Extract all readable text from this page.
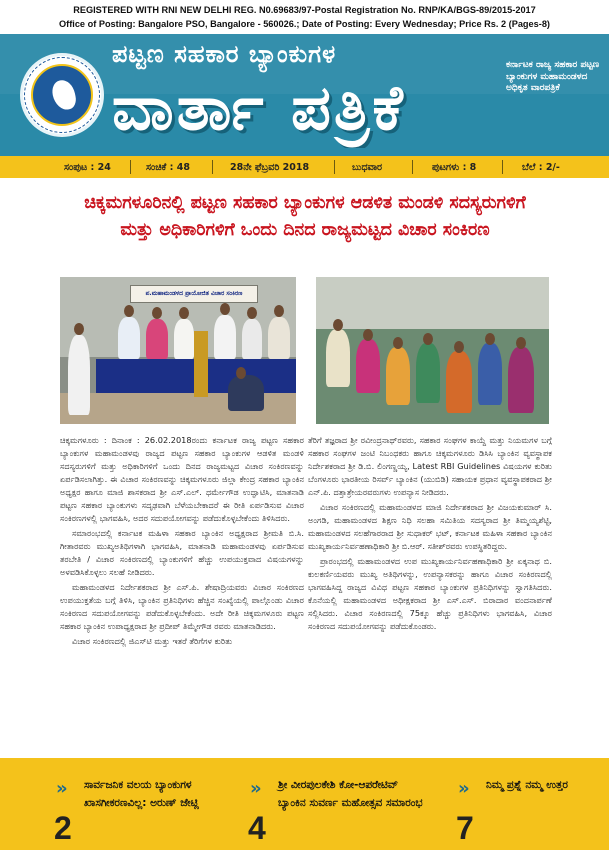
REGISTERED WITH RNI NEW DELHI REG. N0.69683/97-Postal Registration No. RNP/KA/BGS-89/2015-2017
Office of Posting: Bangalore PSO, Bangalore - 560026.; Date of Posting: Every Wednesday; Price Rs. 2 (Pages-8)
ಪಟ್ಟಣ ಸಹಕಾರ ಬ್ಯಾಂಕುಗಳ
ವಾರ್ತಾ ಪತ್ರಿಕೆ
ಕರ್ನಾಟಕ ರಾಜ್ಯ ಸಹಕಾರ ಪಟ್ಟಣ ಬ್ಯಾಂಕುಗಳ ಮಹಾಮಂಡಳದ ಅಧಿಕೃತ ವಾರಪತ್ರಿಕೆ
ಸಂಪುಟ : 24	ಸಂಚಿಕೆ : 48	28ನೇ ಫೆಬ್ರವರಿ 2018	ಬುಧವಾರ	ಪುಟಗಳು : 8	ಬೆಲೆ : 2/-
ಚಿಕ್ಕಮಗಳೂರಿನಲ್ಲಿ ಪಟ್ಟಣ ಸಹಕಾರ ಬ್ಯಾಂಕುಗಳ ಆಡಳಿತ ಮಂಡಳಿ ಸದಸ್ಯರುಗಳಿಗೆ
ಮತ್ತು ಅಧಿಕಾರಿಗಳಿಗೆ ಒಂದು ದಿನದ ರಾಜ್ಯಮಟ್ಟದ ವಿಚಾರ ಸಂಕಿರಣ
ಪ.ಮಹಾಮಂಡಳದ ಪ್ರಾಯೋಜಿತ ವಿಚಾರ ಸಂಕಿರಣ

ಚಿಕ್ಕಮಗಳೂರು : ದಿನಾಂಕ : 26.02.2018ರಂದು ಕರ್ನಾಟಕ ರಾಜ್ಯ ಪಟ್ಟಣ ಸಹಕಾರ ಬ್ಯಾಂಕುಗಳ ಮಹಾಮಂಡಳವು ರಾಜ್ಯದ ಪಟ್ಟಣ ಸಹಕಾರ ಬ್ಯಾಂಕುಗಳ ಆಡಳಿತ ಮಂಡಳಿ ಸದಸ್ಯರುಗಳಿಗೆ ಮತ್ತು ಅಧಿಕಾರಿಗಳಿಗೆ ಒಂದು ದಿನದ ರಾಜ್ಯಮಟ್ಟದ ವಿಚಾರ ಸಂಕಿರಣವನ್ನು ಏರ್ಪಡಿಸಲಾಗಿತ್ತು. ಈ ವಿಚಾರ ಸಂಕಿರಣವನ್ನು ಚಿಕ್ಕಮಗಳೂರು ಜಿಲ್ಲಾ ಕೇಂದ್ರ ಸಹಕಾರ ಬ್ಯಾಂಕಿನ ಅಧ್ಯಕ್ಷರ ಹಾಗೂ ಮಾಜಿ ಶಾಸಕರಾದ ಶ್ರೀ ಎಸ್.ಎಲ್. ಧರ್ಮೇಗೌಡ ಉದ್ಘಾಟಿಸಿ, ಮಾತನಾಡಿ ಪಟ್ಟಣ ಸಹಕಾರ ಬ್ಯಾಂಕುಗಳು ಸದೃಢವಾಗಿ ಬೆಳೆಯಬೇಕಾದರೆ ಈ ರೀತಿ ಏರ್ಪಡಿಸುವ ವಿಚಾರ ಸಂಕಿರಣಗಳಲ್ಲಿ ಭಾಗವಹಿಸಿ, ಅದರ ಸದುಪಯೋಗವನ್ನು ಪಡೆದುಕೊಳ್ಳಬೇಕೆಂದು ತಿಳಿಸಿದರು.

ಸಮಾರಂಭದಲ್ಲಿ ಕರ್ನಾಟಕ ಮಹಿಳಾ ಸಹಕಾರ ಬ್ಯಾಂಕಿನ ಅಧ್ಯಕ್ಷರಾದ ಶ್ರೀಮತಿ ಬಿ.ಸಿ. ಗೀತಾರವರು ಮುಖ್ಯಅತಿಥಿಗಳಾಗಿ ಭಾಗವಹಿಸಿ, ಮಾತನಾಡಿ ಮಹಾಮಂಡಳವು ಏರ್ಪಡಿಸುವ ತರಬೇತಿ / ವಿಚಾರ ಸಂಕಿರಣದಲ್ಲಿ ಬ್ಯಾಂಕುಗಳಿಗೆ ಹೆಚ್ಚು ಉಪಯುಕ್ತವಾದ ವಿಷಯಗಳನ್ನು ಅಳವಡಿಸಿಕೊಳ್ಳಲು ಸಲಹೆ ನೀಡಿದರು.

ಮಹಾಮಂಡಳದ ನಿರ್ದೇಶಕರಾದ ಶ್ರೀ ಎಸ್.ಪಿ. ಶೇಷಾದ್ರಿಯವರು ವಿಚಾರ ಸಂಕಿರಣದ ಉಪಯುಕ್ತತೆಯ ಬಗ್ಗೆ ತಿಳಿಸಿ, ಬ್ಯಾಂಕಿನ ಪ್ರತಿನಿಧಿಗಳು ಹೆಚ್ಚಿನ ಸಂಖ್ಯೆಯಲ್ಲಿ ಪಾಲ್ಗೊಂಡು ವಿಚಾರ ಸಂಕಿರಣದ ಸದುಪಯೋಗವನ್ನು ಪಡೆದುಕೊಳ್ಳಬೇಕೆಂದು. ಅದೇ ರೀತಿ ಚಿಕ್ಕಮಗಳೂರು ಪಟ್ಟಣ ಸಹಕಾರ ಬ್ಯಾಂಕಿನ ಉಪಾಧ್ಯಕ್ಷರಾದ ಶ್ರೀ ಪ್ರದೀಪ್ ತಿಮ್ಮೇಗೌಡ ರವರು ಮಾತನಾಡಿದರು.

ವಿಚಾರ ಸಂಕಿರಣದಲ್ಲಿ ಜಿಎಸ್‌ಟಿ ಮತ್ತು ಇತರೆ ತೆರಿಗೆಗಳ ಕುರಿತು

ತೆರಿಗೆ ತಜ್ಞರಾದ ಶ್ರೀ ರವೀಂದ್ರನಾಥ್‌ರವರು, ಸಹಕಾರ ಸಂಘಗಳ ಕಾಯ್ದೆ ಮತ್ತು ನಿಯಮಗಳ ಬಗ್ಗೆ ಸಹಕಾರ ಸಂಘಗಳ ಜಂಟಿ ನಿಬಂಧಕರು ಹಾಗೂ ಚಿಕ್ಕಮಗಳೂರು ಡಿಸಿಸಿ ಬ್ಯಾಂಕಿನ ವ್ಯವಸ್ಥಾಪಕ ನಿರ್ದೇಶಕರಾದ ಶ್ರೀ ಡಿ.ಬಿ. ಲಿಂಗಣ್ಣಯ್ಯ, Latest RBI Guidelines ವಿಷಯಗಳ ಕುರಿತು ಬೆಂಗಳೂರು ಭಾರತೀಯ ರಿಸರ್ವ್ ಬ್ಯಾಂಕಿನ (ಯುಬಿಡಿ) ಸಹಾಯಕ ಪ್ರಧಾನ ವ್ಯವಸ್ಥಾಪಕರಾದ ಶ್ರೀ ಎನ್.ಪಿ. ದತ್ತಾತ್ರೇಯರವರುಗಳು ಉಪನ್ಯಾಸ ನೀಡಿದರು.

ವಿಚಾರ ಸಂಕಿರಣದಲ್ಲಿ ಮಹಾಮಂಡಳದ ಮಾಜಿ ನಿರ್ದೇಶಕರಾದ ಶ್ರೀ ವಿಜಯಕುಮಾರ್ ಸಿ. ಅಂಗಡಿ, ಮಹಾಮಂಡಳದ ಶಿಕ್ಷಣ ನಿಧಿ ಸಲಹಾ ಸಮಿತಿಯ ಸದಸ್ಯರಾದ ಶ್ರೀ ತಿಮ್ಮಯ್ಯಶೆಟ್ಟಿ, ಮಹಾಮಂಡಳದ ಸಲಹೆಗಾರರಾದ ಶ್ರೀ ಸುಧಾಕರ್ ಭಟ್, ಕರ್ನಾಟಕ ಮಹಿಳಾ ಸಹಕಾರ ಬ್ಯಾಂಕಿನ ಮುಖ್ಯಕಾರ್ಯನಿರ್ವಹಣಾಧಿಕಾರಿ ಶ್ರೀ ಬಿ.ಆರ್. ಸತೀಶ್‌ರವರು ಉಪಸ್ಥಿತರಿದ್ದರು.

ಪ್ರಾರಂಭದಲ್ಲಿ ಮಹಾಮಂಡಳದ ಉಪ ಮುಖ್ಯಕಾರ್ಯನಿರ್ವಹಣಾಧಿಕಾರಿ ಶ್ರೀ ಏಕ್ಕನಾಥ ಬಿ. ಕುಲಕರ್ಣಿಯವರು ಮುಖ್ಯ ಅತಿಥಿಗಳನ್ನು, ಉಪನ್ಯಾಸಕರನ್ನು ಹಾಗೂ ವಿಚಾರ ಸಂಕಿರಣದಲ್ಲಿ ಭಾಗವಹಿಸಿದ್ದ ರಾಜ್ಯದ ವಿವಿಧ ಪಟ್ಟಣ ಸಹಕಾರ ಬ್ಯಾಂಕುಗಳ ಪ್ರತಿನಿಧಿಗಳನ್ನು ಸ್ವಾಗತಿಸಿದರು. ಕೊನೆಯಲ್ಲಿ ಮಹಾಮಂಡಳದ ಅಧೀಕ್ಷಕರಾದ ಶ್ರೀ ಎಸ್.ಎಸ್. ಬಿರಾದಾರ ವಂದನಾರ್ಪಣೆ ಸಲ್ಲಿಸಿದರು. ವಿಚಾರ ಸಂಕಿರಣದಲ್ಲಿ 75ಕ್ಕೂ ಹೆಚ್ಚು ಪ್ರತಿನಿಧಿಗಳು ಭಾಗವಹಿಸಿ, ವಿಚಾರ ಸಂಕಿರಣದ ಸದುಪಯೋಗವನ್ನು ಪಡೆದುಕೊಂಡರು.

»
2
ಸಾರ್ವಜನಿಕ ವಲಯ ಬ್ಯಾಂಕುಗಳ ಖಾಸಗೀಕರಣವಿಲ್ಲ: ಅರುಣ್ ಜೇಟ್ಲಿ
»
4
ಶ್ರೀ ವೀರಪುಲಕೇಶಿ ಕೋ-ಆಪರೇಟಿವ್ ಬ್ಯಾಂಕಿನ ಸುವರ್ಣ ಮಹೋತ್ಸವ ಸಮಾರಂಭ
»
7
ನಿಮ್ಮ ಪ್ರಶ್ನೆ ನಮ್ಮ ಉತ್ತರ
